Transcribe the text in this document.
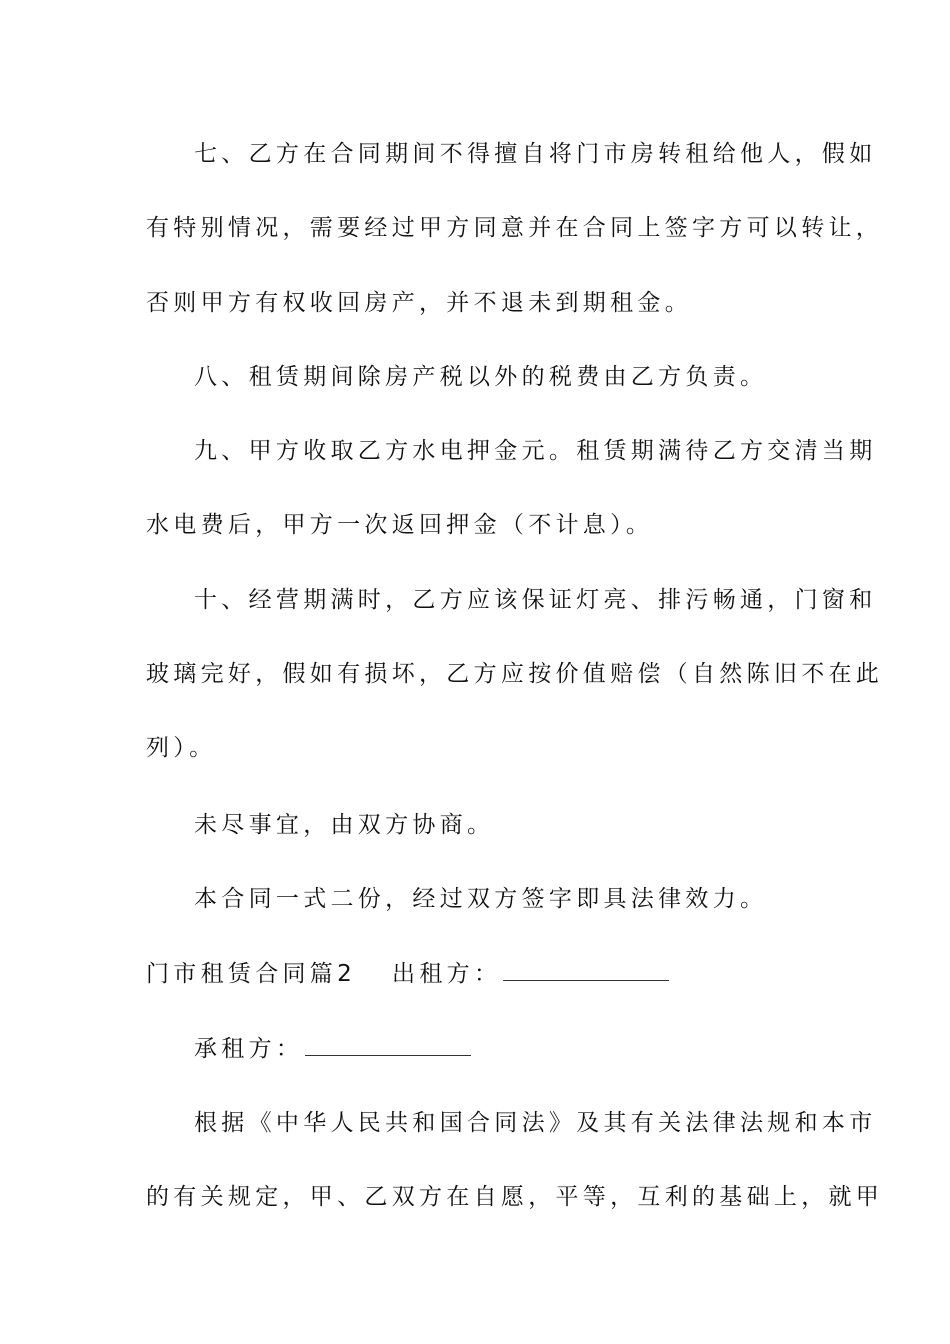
七、乙方在合同期间不得擅自将门市房转租给他人，假如
有特别情况，需要经过甲方同意并在合同上签字方可以转让，
否则甲方有权收回房产，并不退未到期租金。
八、租赁期间除房产税以外的税费由乙方负责。
九、甲方收取乙方水电押金元。租赁期满待乙方交清当期
水电费后，甲方一次返回押金（不计息）。
十、经营期满时，乙方应该保证灯亮、排污畅通，门窗和
玻璃完好，假如有损坏，乙方应按价值赔偿（自然陈旧不在此
列）。
未尽事宜，由双方协商。
本合同一式二份，经过双方签字即具法律效力。
门市租赁合同篇2 出租方：
承租方：
根据《中华人民共和国合同法》及其有关法律法规和本市
的有关规定，甲、乙双方在自愿，平等，互利的基础上，就甲
